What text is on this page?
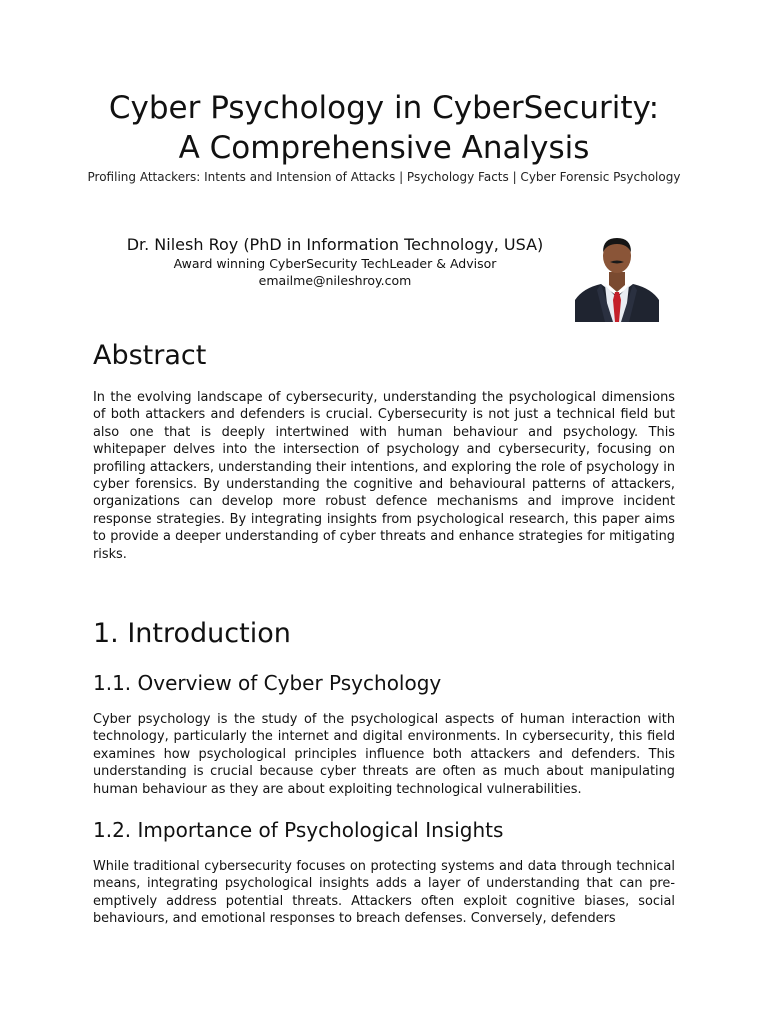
Cyber Psychology in CyberSecurity:
A Comprehensive Analysis
Profiling Attackers: Intents and Intension of Attacks | Psychology Facts | Cyber Forensic Psychology
Dr. Nilesh Roy (PhD in Information Technology, USA)
Award winning CyberSecurity TechLeader & Advisor
emailme@nileshroy.com
Abstract

In the evolving landscape of cybersecurity, understanding the psychological dimensions of both attackers and defenders is crucial. Cybersecurity is not just a technical field but also one that is deeply intertwined with human behaviour and psychology. This whitepaper delves into the intersection of psychology and cybersecurity, focusing on profiling attackers, understanding their intentions, and exploring the role of psychology in cyber forensics. By understanding the cognitive and behavioural patterns of attackers, organizations can develop more robust defence mechanisms and improve incident response strategies. By integrating insights from psychological research, this paper aims to provide a deeper understanding of cyber threats and enhance strategies for mitigating risks.

1. Introduction
1.1. Overview of Cyber Psychology

Cyber psychology is the study of the psychological aspects of human interaction with technology, particularly the internet and digital environments. In cybersecurity, this field examines how psychological principles influence both attackers and defenders. This understanding is crucial because cyber threats are often as much about manipulating human behaviour as they are about exploiting technological vulnerabilities.

1.2. Importance of Psychological Insights

While traditional cybersecurity focuses on protecting systems and data through technical means, integrating psychological insights adds a layer of understanding that can pre-emptively address potential threats. Attackers often exploit cognitive biases, social behaviours, and emotional responses to breach defenses. Conversely, defenders
